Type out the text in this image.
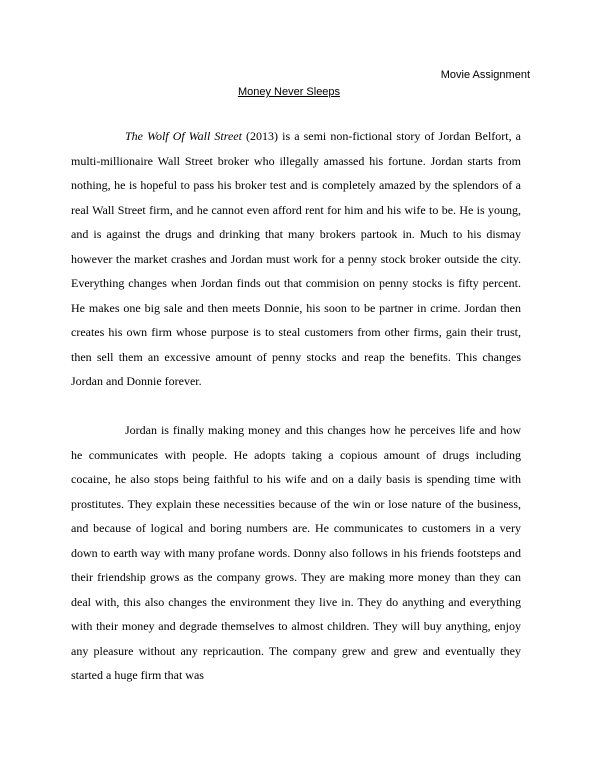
Movie Assignment
Money Never Sleeps

The Wolf Of Wall Street (2013) is a semi non-fictional story of Jordan Belfort, a multi-millionaire Wall Street broker who illegally amassed his fortune. Jordan starts from nothing, he is hopeful to pass his broker test and is completely amazed by the splendors of a real Wall Street firm, and he cannot even afford rent for him and his wife to be. He is young, and is against the drugs and drinking that many brokers partook in. Much to his dismay however the market crashes and Jordan must work for a penny stock broker outside the city. Everything changes when Jordan finds out that commision on penny stocks is fifty percent. He makes one big sale and then meets Donnie, his soon to be partner in crime. Jordan then creates his own firm whose purpose is to steal customers from other firms, gain their trust, then sell them an excessive amount of penny stocks and reap the benefits. This changes Jordan and Donnie forever.

Jordan is finally making money and this changes how he perceives life and how he communicates with people. He adopts taking a copious amount of drugs including cocaine, he also stops being faithful to his wife and on a daily basis is spending time with prostitutes. They explain these necessities because of the win or lose nature of the business, and because of logical and boring numbers are. He communicates to customers in a very down to earth way with many profane words. Donny also follows in his friends footsteps and their friendship grows as the company grows. They are making more money than they can deal with, this also changes the environment they live in. They do anything and everything with their money and degrade themselves to almost children. They will buy anything, enjoy any pleasure without any repricaution. The company grew and grew and eventually they started a huge firm that was
